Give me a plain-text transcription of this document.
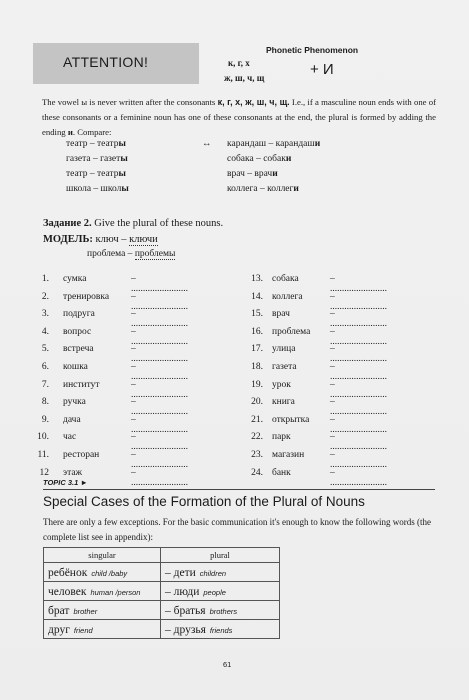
ATTENTION!
Phonetic Phenomenon
к, г, х
ж, ш, ч, щ	+ И
The vowel ы is never written after the consonants к, г, х, ж, ш, ч, щ. I.e., if a masculine noun ends with one of these consonants or a feminine noun has one of these consonants at the end, the plural is formed by adding the ending и. Compare:
театр – театры
газета – газеты
театр – театры
школа – школы
↔ карандаш – карандаши
собака – собаки
врач – врачи
коллега – коллеги
Задание 2. Give the plural of these nouns.
МОДЕЛЬ: ключ – ключи
проблема – проблемы
1. сумка	– ........................
2. тренировка – ........................
3. подруга	– ........................
4. вопрос	– ........................
5. встреча	– ........................
6. кошка	– ........................
7. институт	– ........................
8. ручка	– ........................
9. дача	– ........................
10. час	– ........................
11. ресторан	– ........................
12 этаж	– ........................
13. собака	– ........................
14. коллега	– ........................
15. врач	– ........................
16. проблема – ........................
17. улица	– ........................
18. газета	– ........................
19. урок	– ........................
20. книга	– ........................
21. открытка – ........................
22. парк	– ........................
23. магазин	– ........................
24. банк	– ........................
TOPIC 3.1 ►
Special Cases of the Formation of the Plural of Nouns
There are only a few exceptions. For the basic communication it's enough to know the following words (the complete list see in appendix):
singular	plural
ребёнок child /baby	– дети children
человек human /person	– люди people
брат brother	– братья brothers
друг friend	– друзья friends
61
